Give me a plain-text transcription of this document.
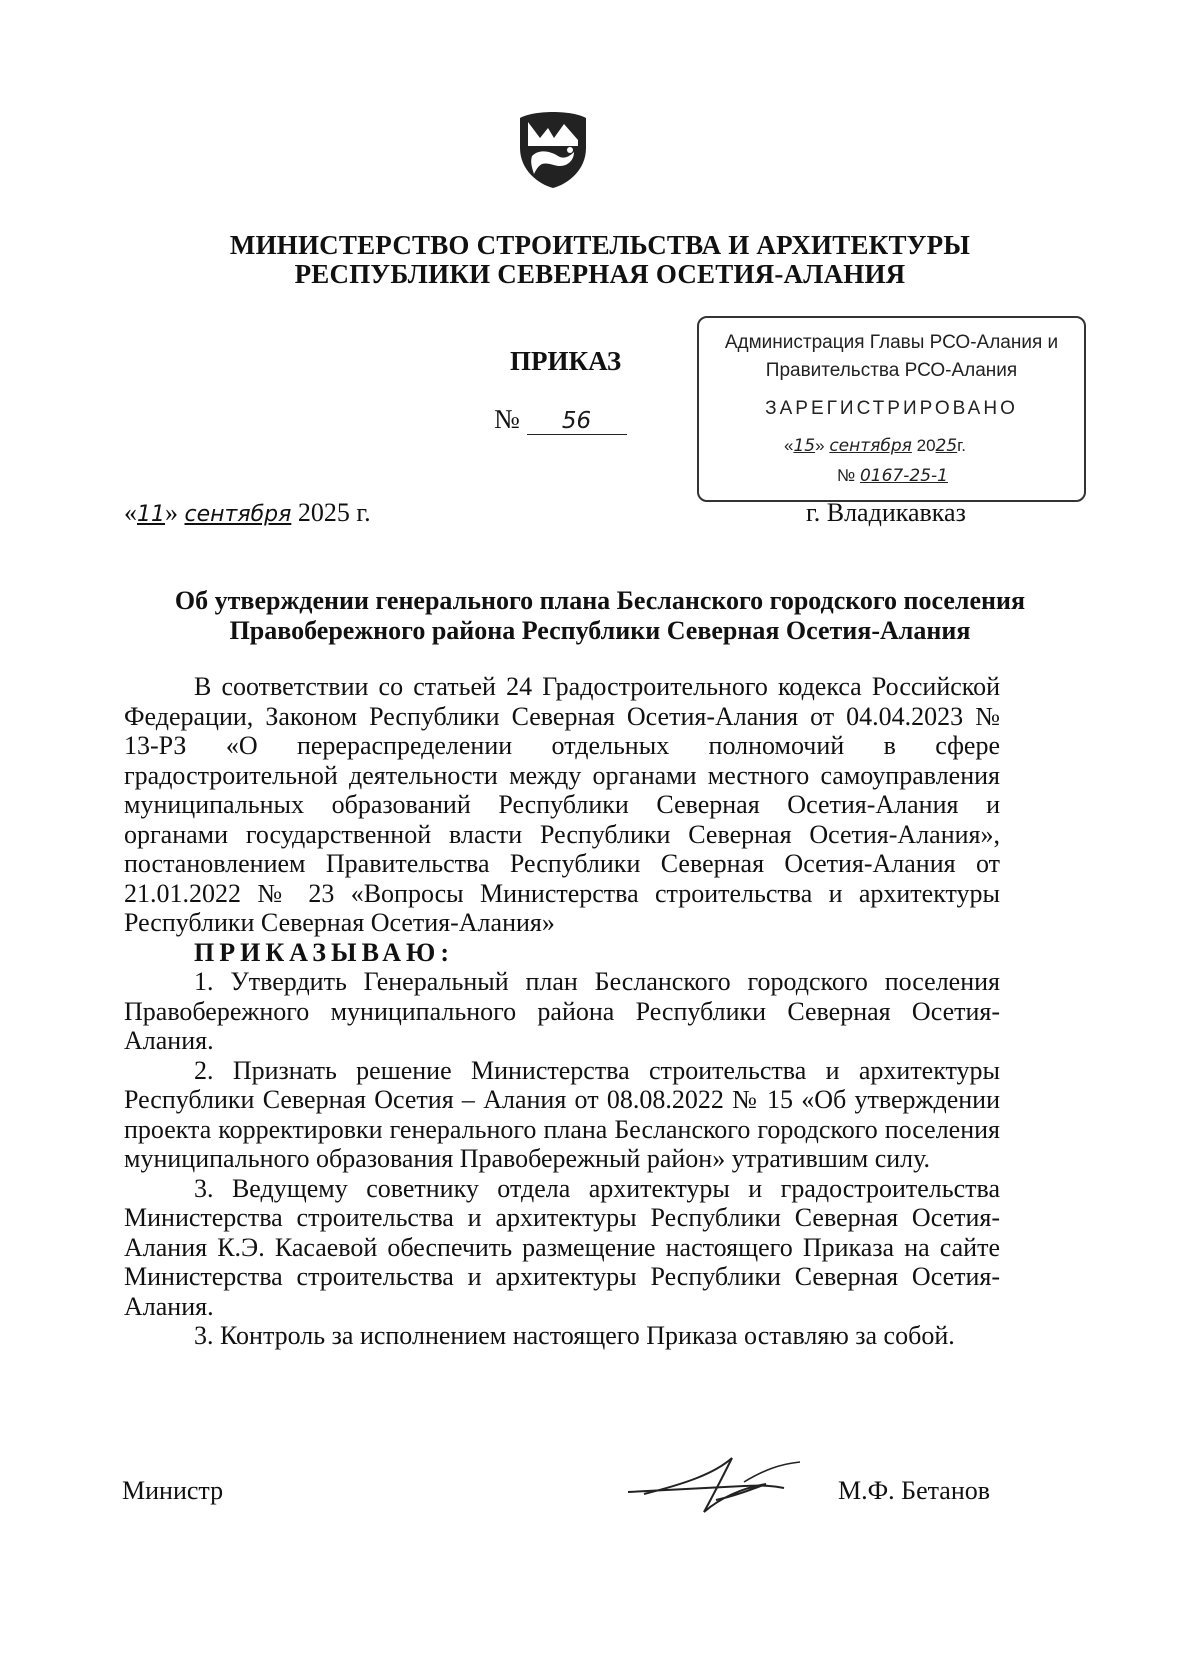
МИНИСТЕРСТВО СТРОИТЕЛЬСТВА И АРХИТЕКТУРЫ
РЕСПУБЛИКИ СЕВЕРНАЯ ОСЕТИЯ-АЛАНИЯ
ПРИКАЗ
№ 56
Администрация Главы РСО-Алания и
Правительства РСО-Алания
ЗАРЕГИСТРИРОВАНО
«15» сентября 2025г.
№ 0167-25-1
«11» сентября 2025 г.	г. Владикавказ
Об утверждении генерального плана Бесланского городского поселения
Правобережного района Республики Северная Осетия-Алания

В соответствии со статьей 24 Градостроительного кодекса Российской Федерации, Законом Республики Северная Осетия-Алания от 04.04.2023 № 13-РЗ «О перераспределении отдельных полномочий в сфере градостроительной деятельности между органами местного самоуправления муниципальных образований Республики Северная Осетия-Алания и органами государственной власти Республики Северная Осетия-Алания», постановлением Правительства Республики Северная Осетия-Алания от 21.01.2022 № 23 «Вопросы Министерства строительства и архитектуры Республики Северная Осетия-Алания»

ПРИКАЗЫВАЮ:

1. Утвердить Генеральный план Бесланского городского поселения Правобережного муниципального района Республики Северная Осетия-Алания.

2. Признать решение Министерства строительства и архитектуры Республики Северная Осетия – Алания от 08.08.2022 № 15 «Об утверждении проекта корректировки генерального плана Бесланского городского поселения муниципального образования Правобережный район» утратившим силу.

3. Ведущему советнику отдела архитектуры и градостроительства Министерства строительства и архитектуры Республики Северная Осетия-Алания К.Э. Касаевой обеспечить размещение настоящего Приказа на сайте Министерства строительства и архитектуры Республики Северная Осетия-Алания.

3. Контроль за исполнением настоящего Приказа оставляю за собой.

Министр	М.Ф. Бетанов
